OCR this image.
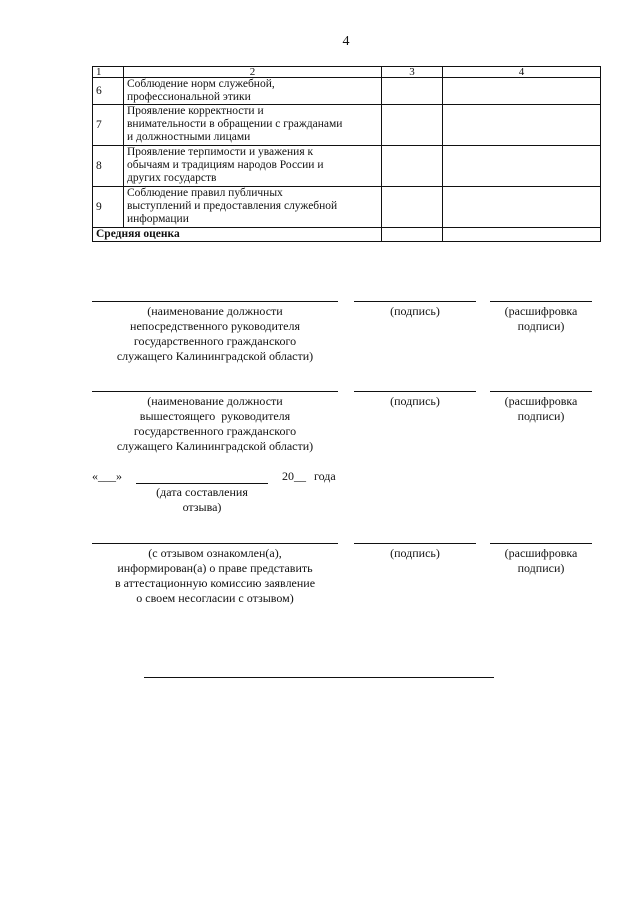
4
1	2	3	4
6	Соблюдение норм служебной,
профессиональной этики		
7	Проявление корректности и
внимательности в обращении с гражданами
и должностными лицами		
8	Проявление терпимости и уважения к
обычаям и традициям народов России и
других государств		
9	Соблюдение правил публичных
выступлений и предоставления служебной
информации		
Средняя оценка			
(наименование должности
непосредственного руководителя
государственного гражданского
служащего Калининградской области)
(подпись)	(расшифровка
подписи)
(наименование должности
вышестоящего  руководителя
государственного гражданского
служащего Калининградской области)
(подпись)	(расшифровка
подписи)
«___»	20__ года
(дата составления
отзыва)
(с отзывом ознакомлен(а),
информирован(а) о праве представить
в аттестационную комиссию заявление
о своем несогласии с отзывом)
(подпись)	(расшифровка
подписи)
